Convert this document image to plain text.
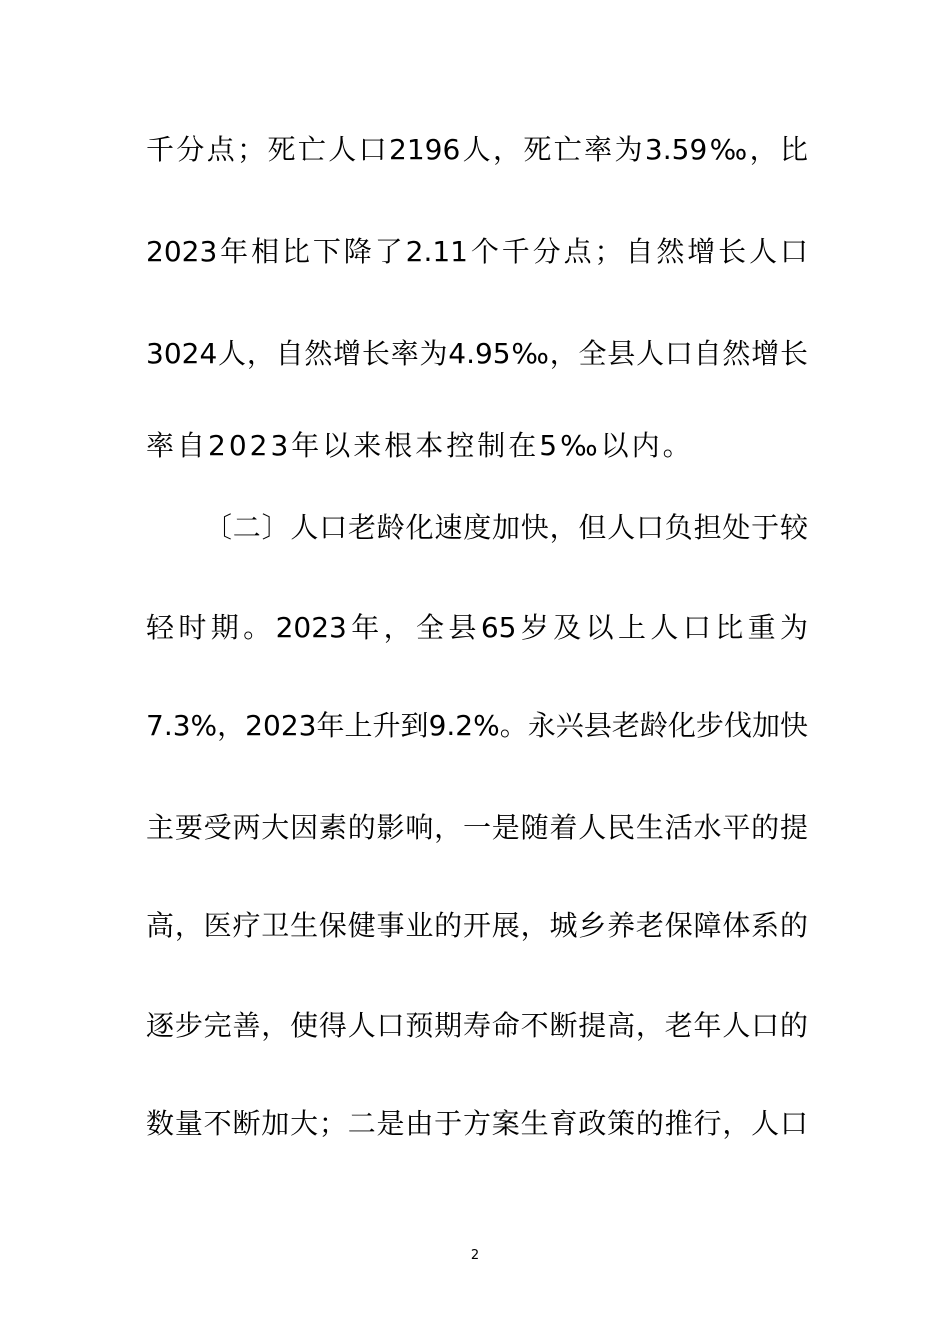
千分点；死亡人口2196人，死亡率为3.59‰，比
2023年相比下降了2.11个千分点；自然增长人口
3024人，自然增长率为4.95‰，全县人口自然增长
率自2023年以来根本控制在5‰以内。
〔二〕人口老龄化速度加快，但人口负担处于较
轻时期。2023年，全县65岁及以上人口比重为
7.3%，2023年上升到9.2%。永兴县老龄化步伐加快
主要受两大因素的影响，一是随着人民生活水平的提
高，医疗卫生保健事业的开展，城乡养老保障体系的
逐步完善，使得人口预期寿命不断提高，老年人口的
数量不断加大；二是由于方案生育政策的推行，人口
2
